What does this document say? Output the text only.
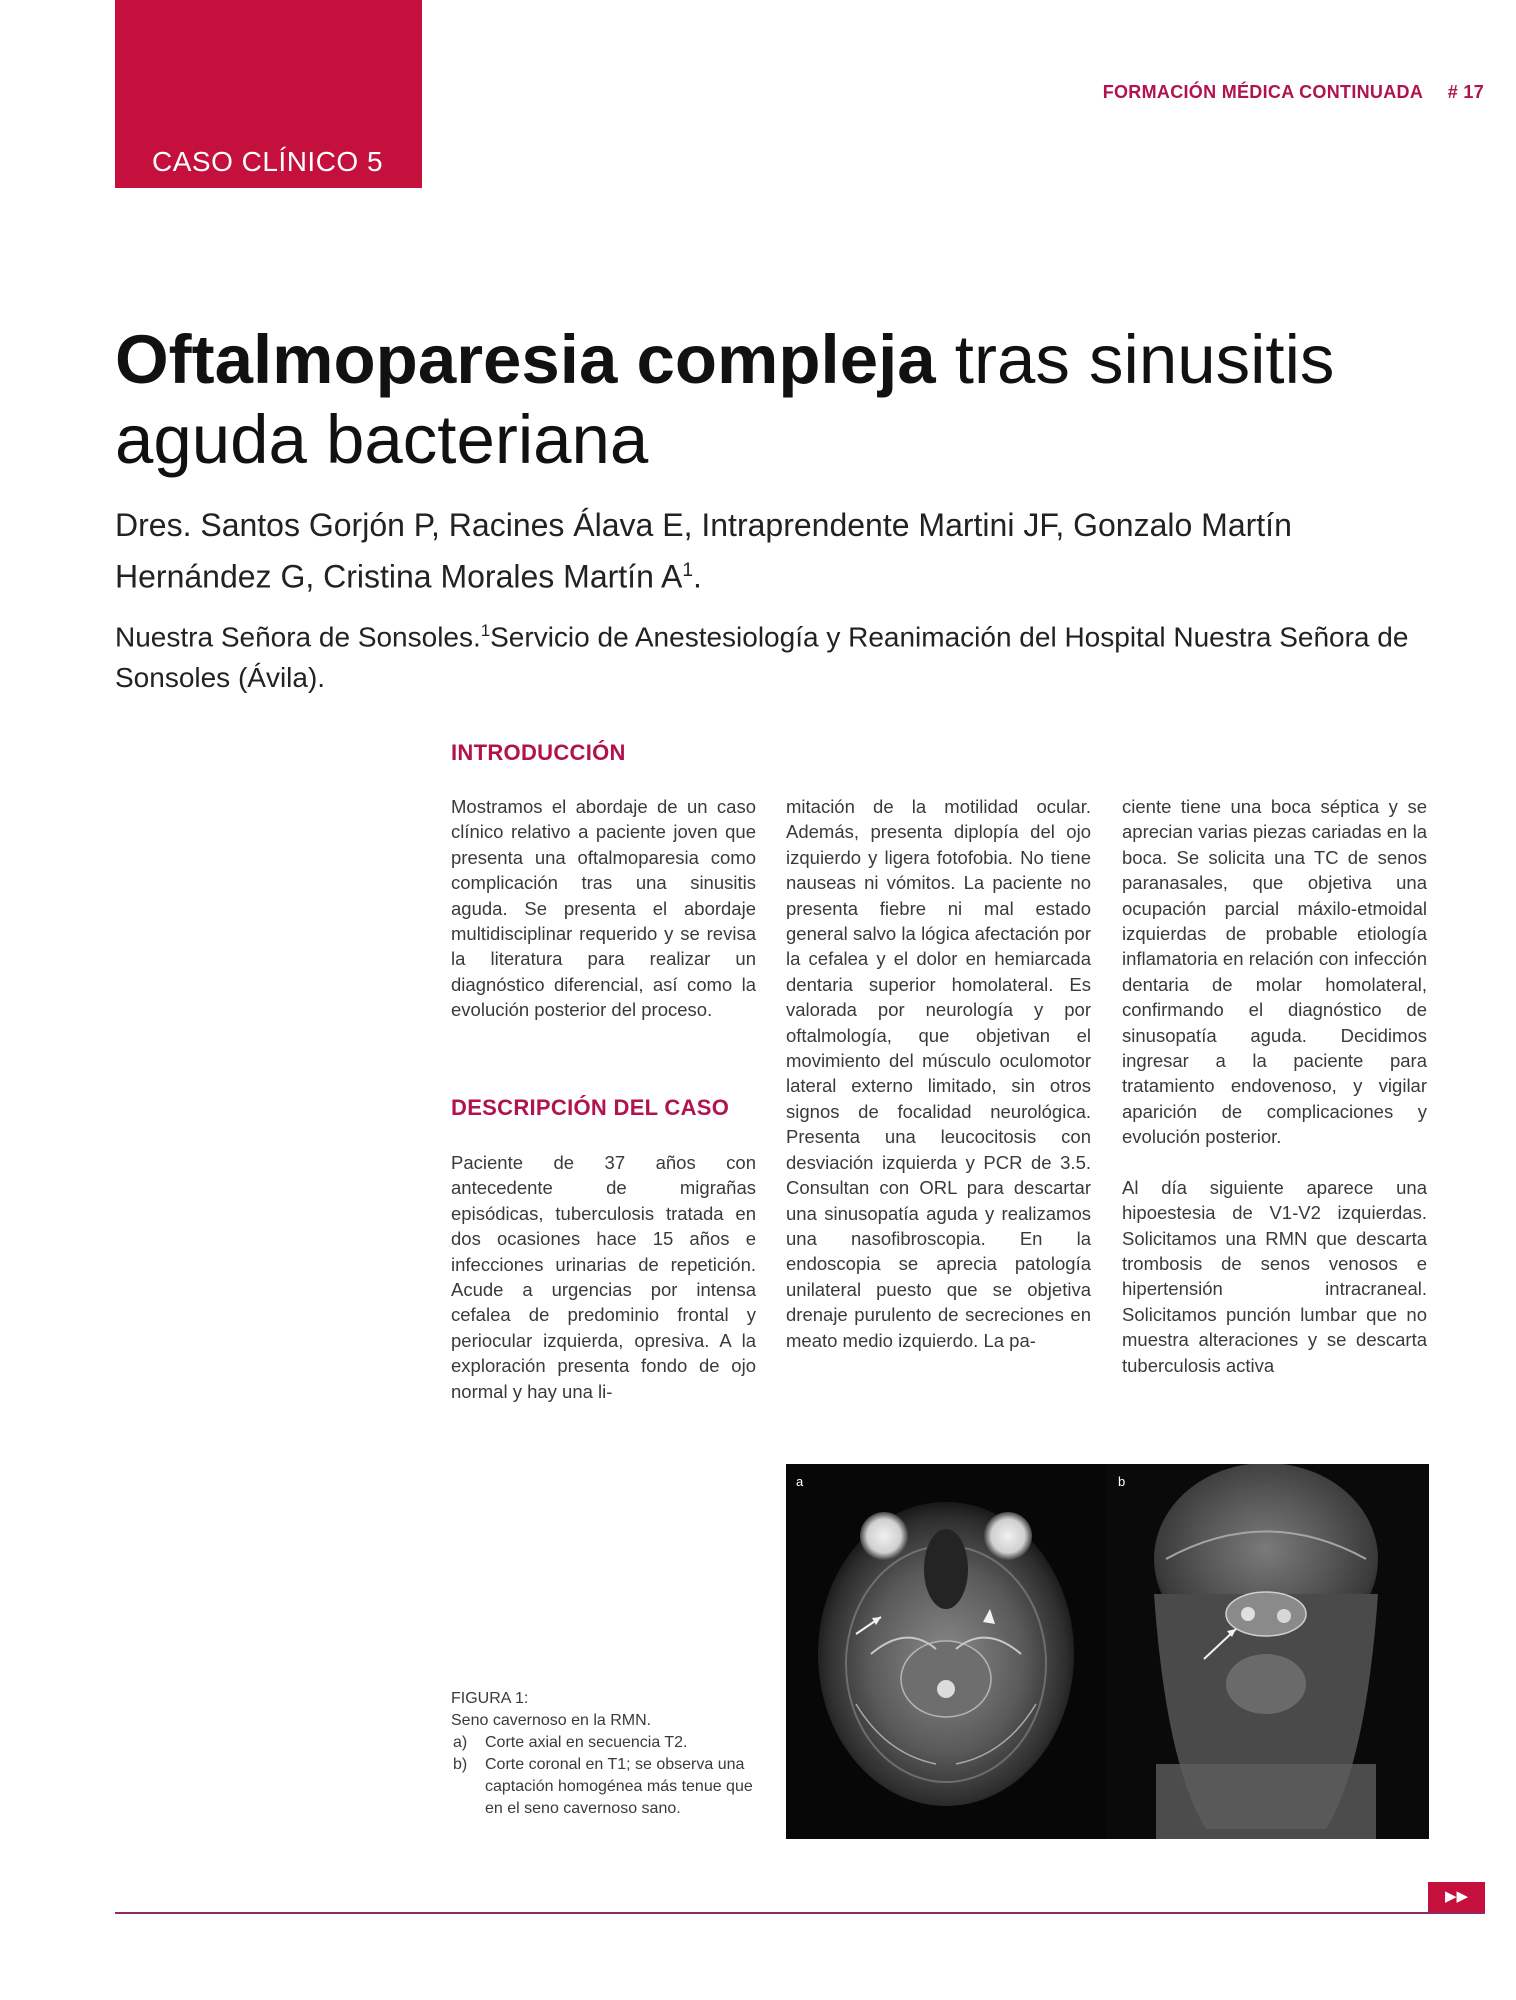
CASO CLÍNICO 5
FORMACIÓN MÉDICA CONTINUADA # 17
Oftalmoparesia compleja tras sinusitis aguda bacteriana
Dres. Santos Gorjón P, Racines Álava E, Intraprendente Martini JF, Gonzalo Martín Hernández G, Cristina Morales Martín $A^1$.
Nuestra Señora de Sonsoles.$^1$Servicio de Anestesiología y Reanimación del Hospital Nuestra Señora de Sonsoles (Ávila).
INTRODUCCIÓN
DESCRIPCIÓN DEL CASO

Mostramos el abordaje de un caso clínico relativo a paciente joven que presenta una oftalmoparesia como complicación tras una sinusitis aguda. Se presenta el abordaje multidisciplinar requerido y se revisa la literatura para realizar un diagnóstico diferencial, así como la evolución posterior del proceso.

Paciente de 37 años con antecedente de migrañas episódicas, tuberculosis tratada en dos ocasiones hace 15 años e infecciones urinarias de repetición. Acude a urgencias por intensa cefalea de predominio frontal y periocular izquierda, opresiva. A la exploración presenta fondo de ojo normal y hay una li-

mitación de la motilidad ocular. Además, presenta diplopía del ojo izquierdo y ligera fotofobia. No tiene nauseas ni vómitos. La paciente no presenta fiebre ni mal estado general salvo la lógica afectación por la cefalea y el dolor en hemiarcada dentaria superior homolateral. Es valorada por neurología y por oftalmología, que objetivan el movimiento del músculo oculomotor lateral externo limitado, sin otros signos de focalidad neurológica. Presenta una leucocitosis con desviación izquierda y PCR de 3.5. Consultan con ORL para descartar una sinusopatía aguda y realizamos una nasofibroscopia. En la endoscopia se aprecia patología unilateral puesto que se objetiva drenaje purulento de secreciones en meato medio izquierdo. La pa-

ciente tiene una boca séptica y se aprecian varias piezas cariadas en la boca. Se solicita una TC de senos paranasales, que objetiva una ocupación parcial máxilo-etmoidal izquierdas de probable etiología inflamatoria en relación con infección dentaria de molar homolateral, confirmando el diagnóstico de sinusopatía aguda. Decidimos ingresar a la paciente para tratamiento endovenoso, y vigilar aparición de complicaciones y evolución posterior.

Al día siguiente aparece una hipoestesia de V1-V2 izquierdas. Solicitamos una RMN que descarta trombosis de senos venosos e hipertensión intracraneal. Solicitamos punción lumbar que no muestra alteraciones y se descarta tuberculosis activa

a	b
FIGURA 1:
Seno cavernoso en la RMN.
a)	Corte axial en secuencia T2.
b)	Corte coronal en T1; se observa una captación homogénea más tenue que en el seno cavernoso sano.
▶▶
